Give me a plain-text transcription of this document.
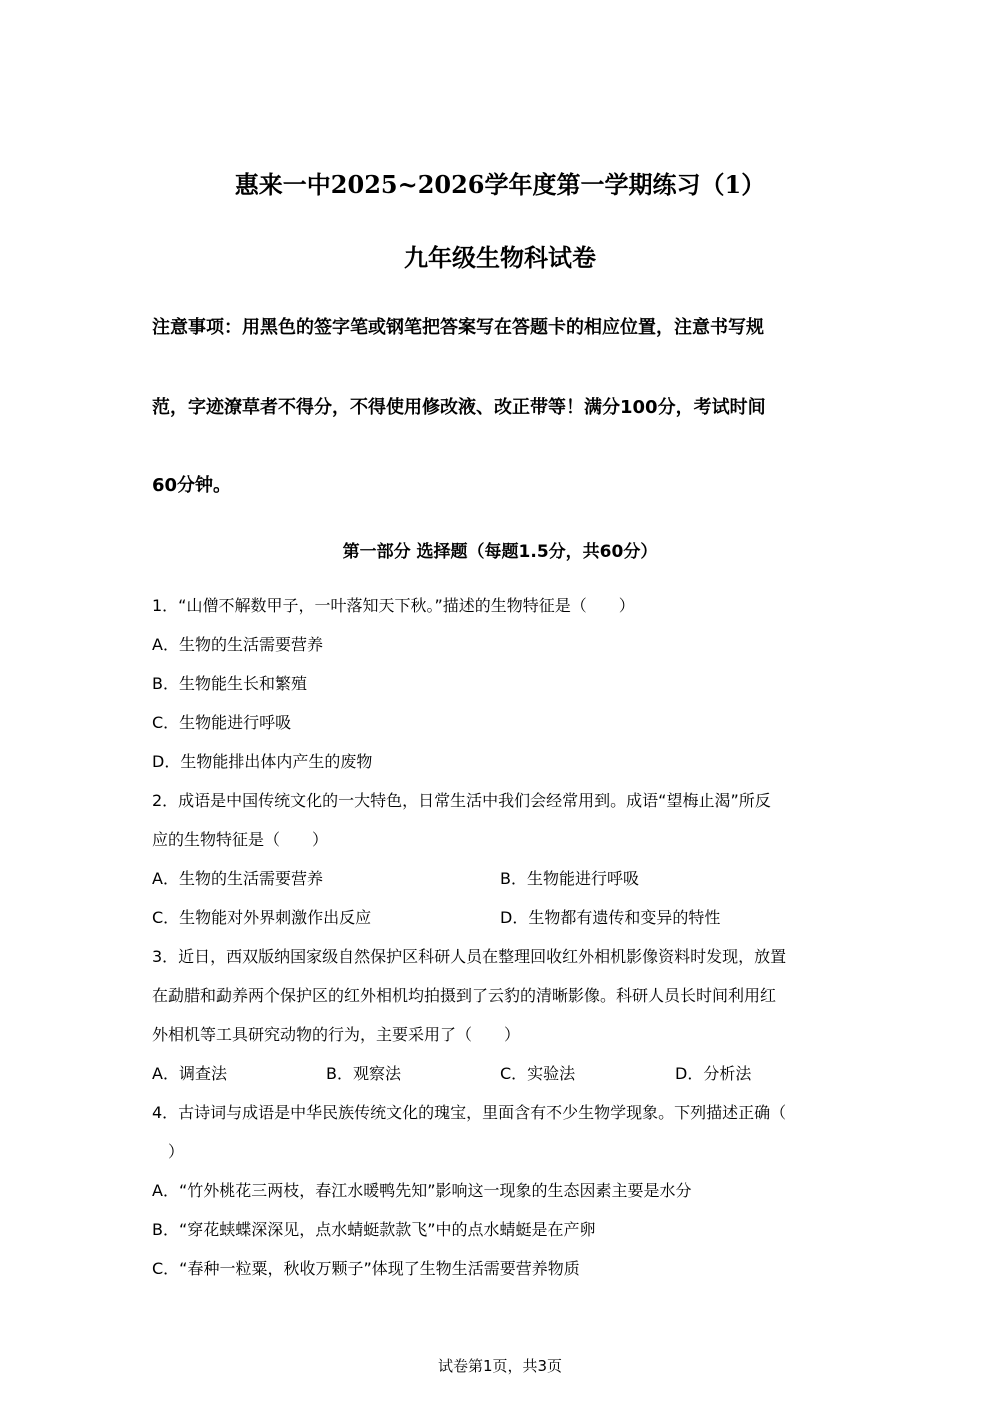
惠来一中2025~2026学年度第一学期练习（1）
九年级生物科试卷
注意事项：用黑色的签字笔或钢笔把答案写在答题卡的相应位置，注意书写规
范，字迹潦草者不得分，不得使用修改液、改正带等！满分100分，考试时间
60分钟。
第一部分 选择题（每题1.5分，共60分）
1．“山僧不解数甲子，一叶落知天下秋。”描述的生物特征是（　　）
A．生物的生活需要营养
B．生物能生长和繁殖
C．生物能进行呼吸
D．生物能排出体内产生的废物
2．成语是中国传统文化的一大特色，日常生活中我们会经常用到。成语“望梅止渴”所反
应的生物特征是（　　）
A．生物的生活需要营养	B．生物能进行呼吸
C．生物能对外界刺激作出反应	D．生物都有遗传和变异的特性
3．近日，西双版纳国家级自然保护区科研人员在整理回收红外相机影像资料时发现，放置
在勐腊和勐养两个保护区的红外相机均拍摄到了云豹的清晰影像。科研人员长时间利用红
外相机等工具研究动物的行为，主要采用了（　　）
A．调查法	B．观察法	C．实验法	D．分析法
4．古诗词与成语是中华民族传统文化的瑰宝，里面含有不少生物学现象。下列描述正确（
　）
A．“竹外桃花三两枝，春江水暖鸭先知”影响这一现象的生态因素主要是水分
B．“穿花蛱蝶深深见，点水蜻蜓款款飞”中的点水蜻蜓是在产卵
C．“春种一粒粟，秋收万颗子”体现了生物生活需要营养物质
试卷第1页，共3页
